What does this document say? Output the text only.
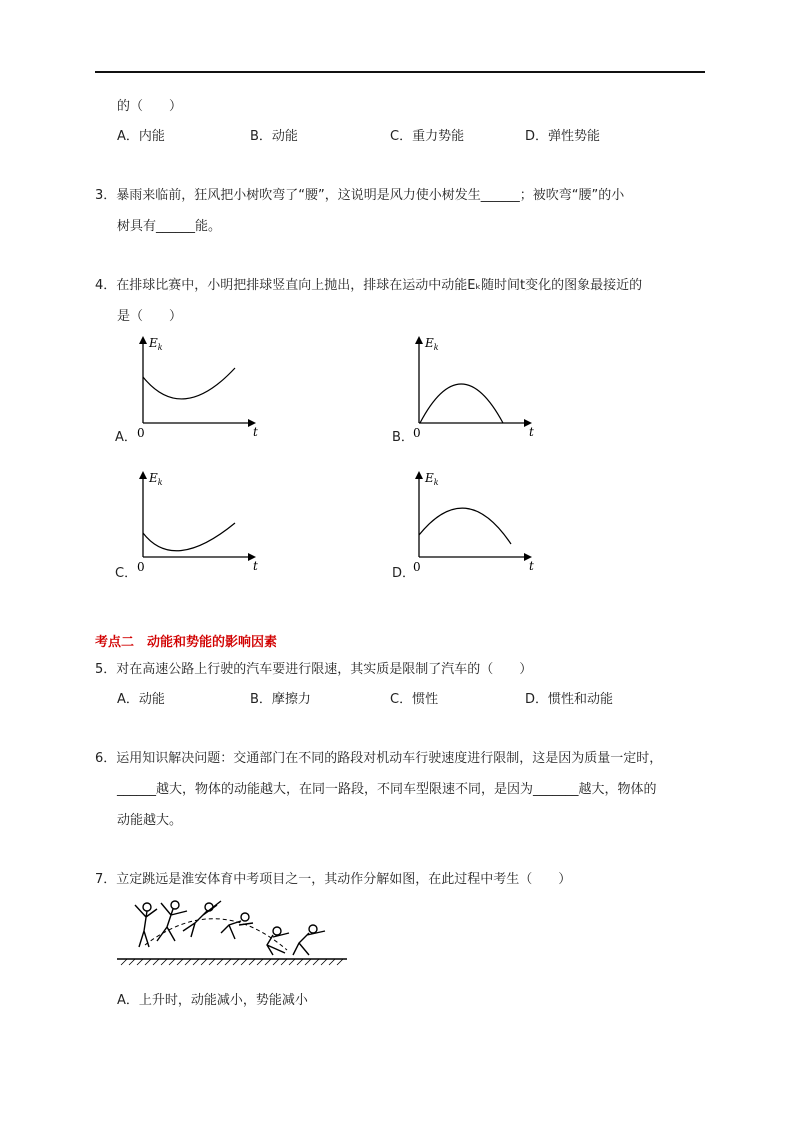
的（　　）
A．内能	B．动能	C．重力势能	D．弹性势能
3．暴雨来临前，狂风把小树吹弯了“腰”，这说明是风力使小树发生______；被吹弯“腰”的小
树具有______能。
4．在排球比赛中，小明把排球竖直向上抛出，排球在运动中动能Eₖ随时间t变化的图象最接近的
是（　　）
A．
$E_k$
t
0	B．
$E_k$
t
0
C．
$E_k$
t
0	D．
$E_k$
t
0
考点二　动能和势能的影响因素
5．对在高速公路上行驶的汽车要进行限速，其实质是限制了汽车的（　　）
A．动能	B．摩擦力	C．惯性	D．惯性和动能
6．运用知识解决问题：交通部门在不同的路段对机动车行驶速度进行限制，这是因为质量一定时，
______越大，物体的动能越大，在同一路段，不同车型限速不同，是因为_______越大，物体的
动能越大。
7．立定跳远是淮安体育中考项目之一，其动作分解如图，在此过程中考生（　　）
A．上升时，动能减小，势能减小
